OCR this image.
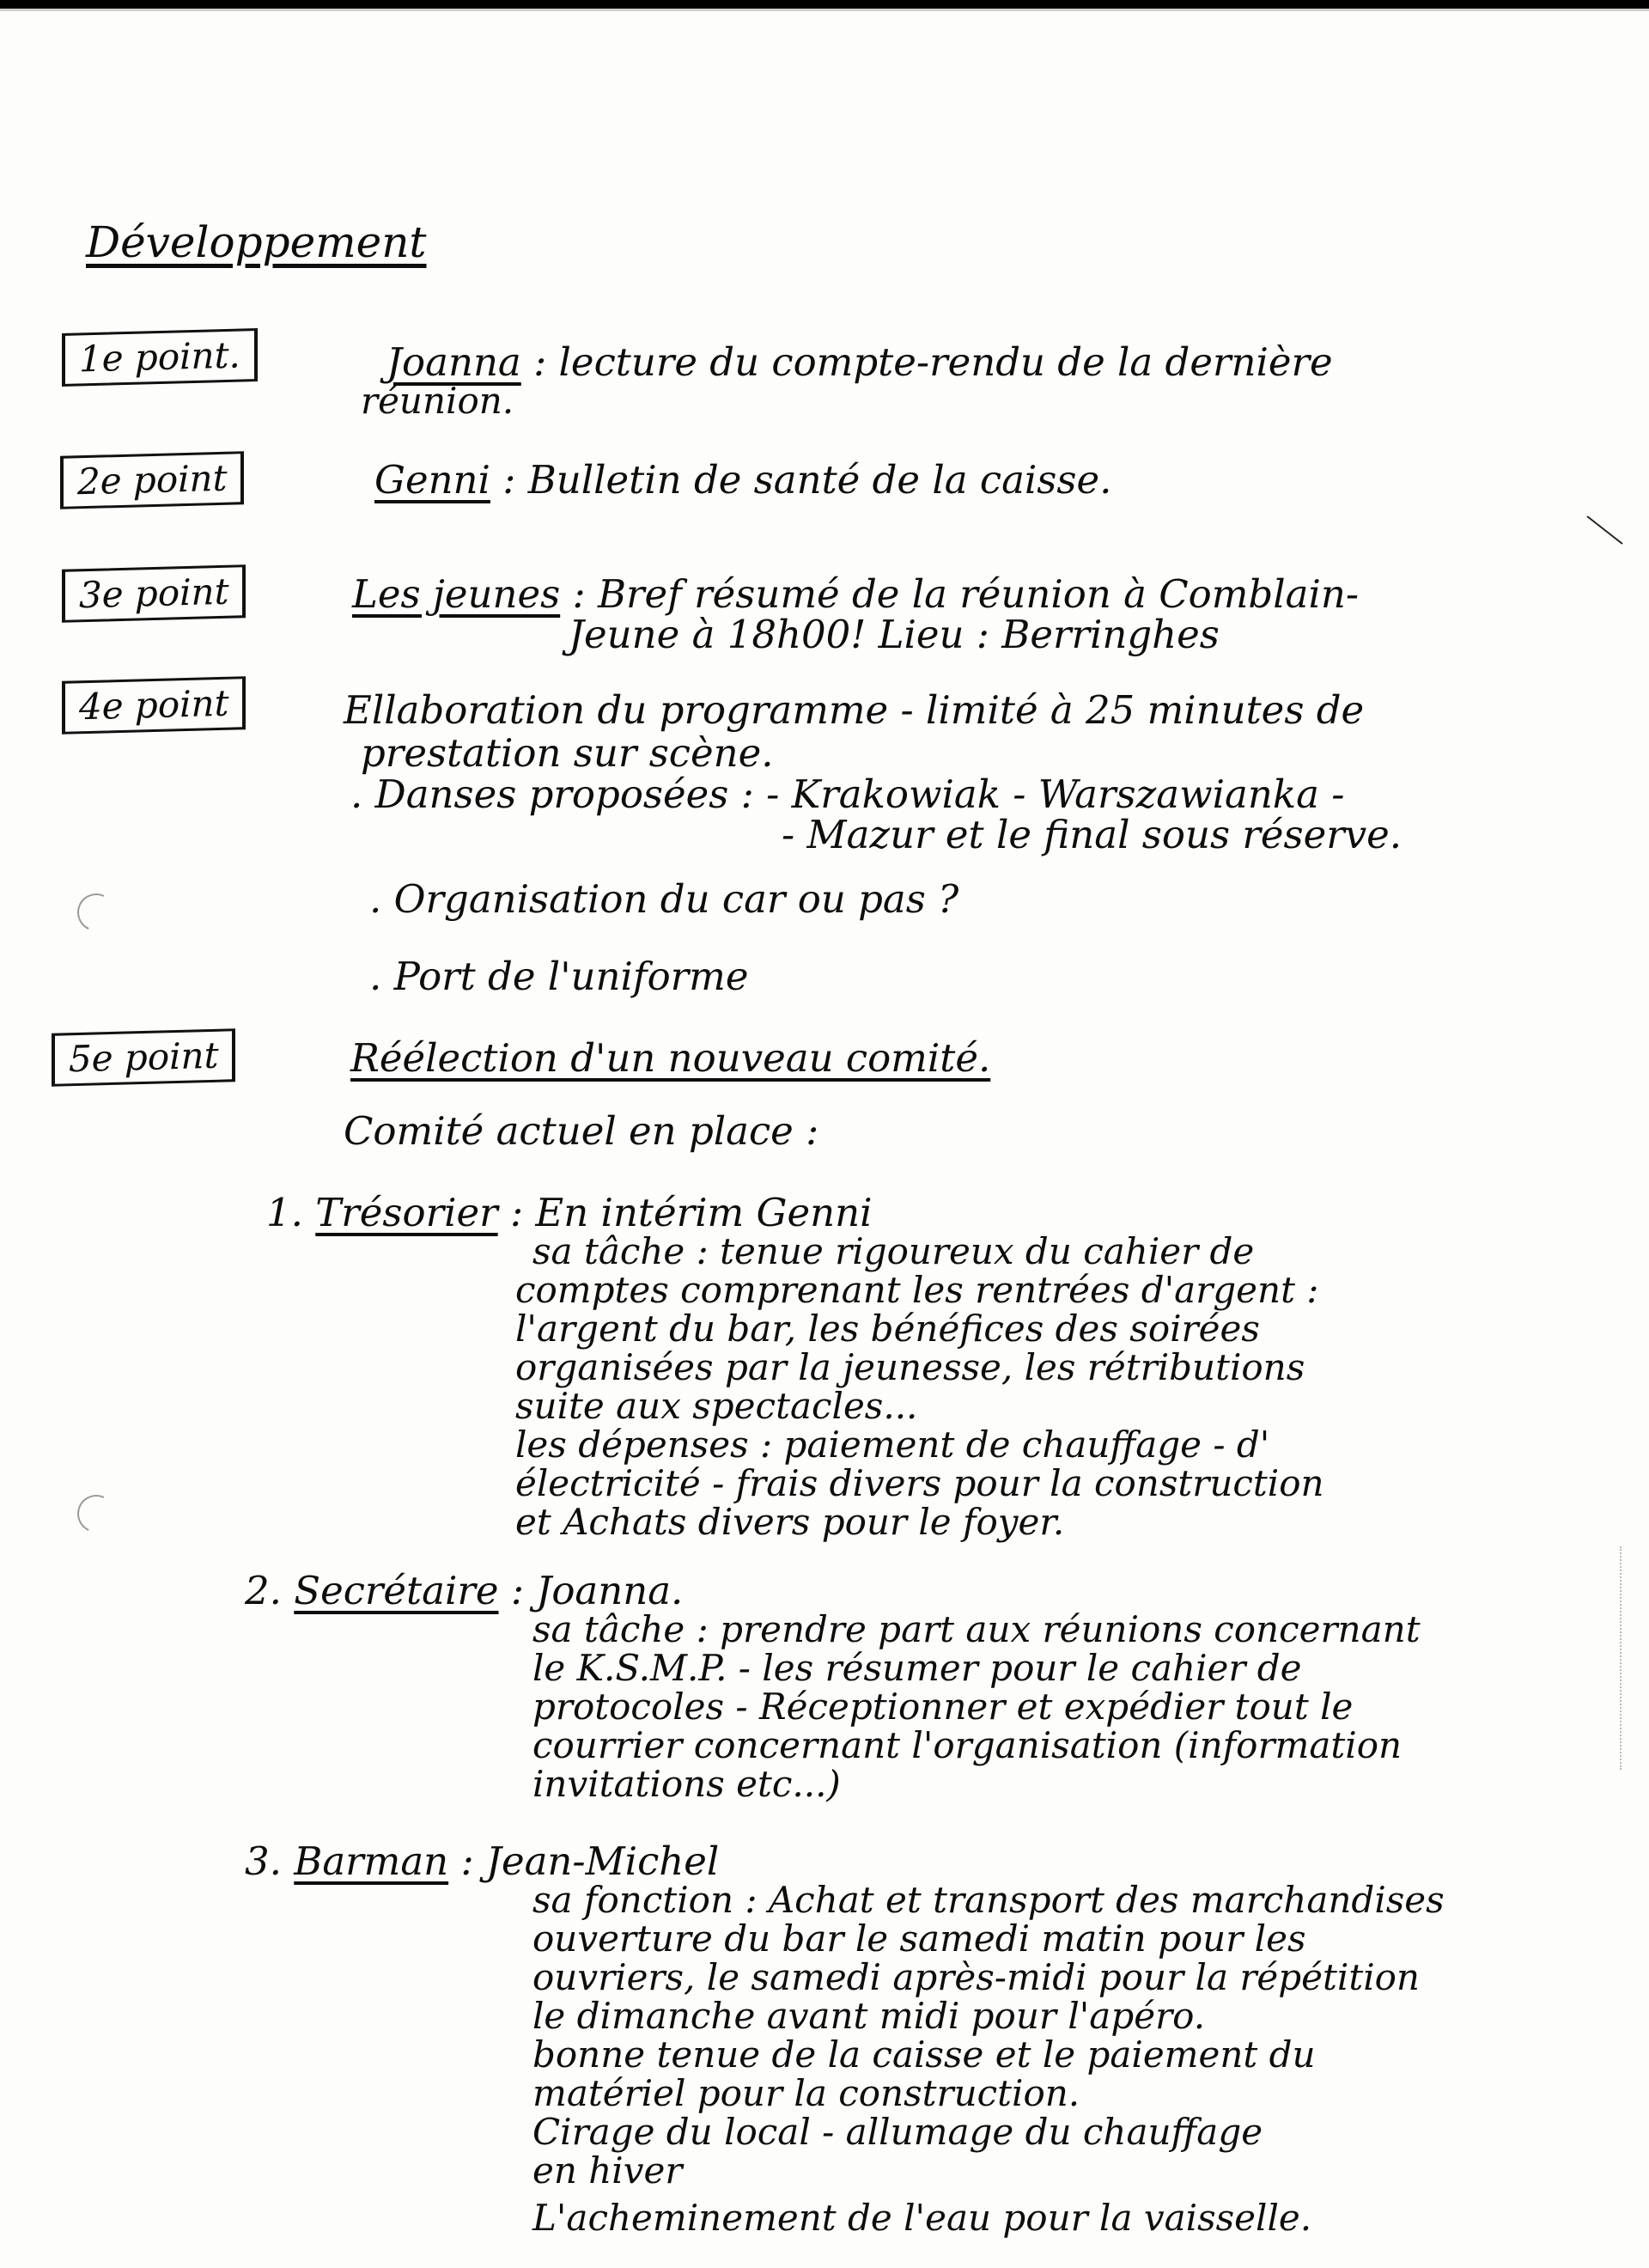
Développement
1e point.	Joanna : lecture du compte-rendu de la dernière
réunion.
2e point	Genni : Bulletin de santé de la caisse.
3e point	Les jeunes : Bref résumé de la réunion à Comblain-
Jeune à 18h00! Lieu : Berringhes
4e point	Ellaboration du programme - limité à 25 minutes de
prestation sur scène.
. Danses proposées : - Krakowiak - Warszawianka -
- Mazur et le final sous réserve.
. Organisation du car ou pas ?
. Port de l'uniforme
5e point	Réélection d'un nouveau comité.
Comité actuel en place :
1. Trésorier : En intérim Genni
sa tâche : tenue rigoureux du cahier de
comptes comprenant les rentrées d'argent :
l'argent du bar, les bénéfices des soirées
organisées par la jeunesse, les rétributions
suite aux spectacles...
les dépenses : paiement de chauffage - d'
électricité - frais divers pour la construction
et Achats divers pour le foyer.
2. Secrétaire : Joanna.
sa tâche : prendre part aux réunions concernant
le K.S.M.P. - les résumer pour le cahier de
protocoles - Réceptionner et expédier tout le
courrier concernant l'organisation (information
invitations etc...)
3. Barman : Jean-Michel
sa fonction : Achat et transport des marchandises
ouverture du bar le samedi matin pour les
ouvriers, le samedi après-midi pour la répétition
le dimanche avant midi pour l'apéro.
bonne tenue de la caisse et le paiement du
matériel pour la construction.
Cirage du local - allumage du chauffage
en hiver
L'acheminement de l'eau pour la vaisselle.
